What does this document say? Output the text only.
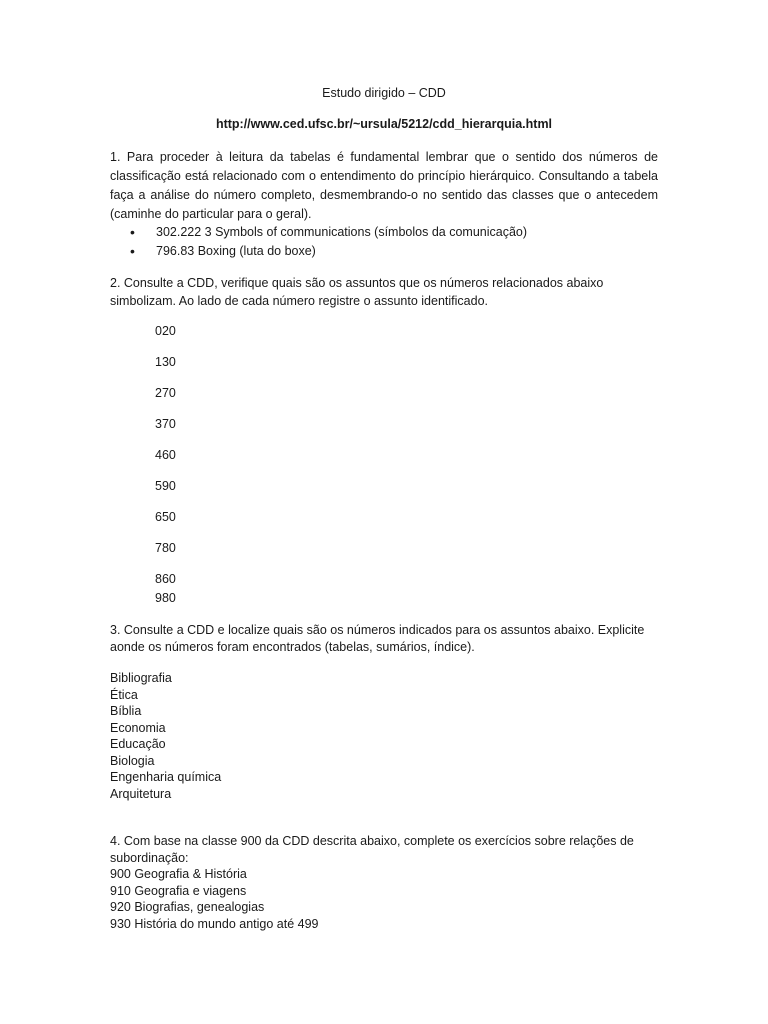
Estudo dirigido – CDD
http://www.ced.ufsc.br/~ursula/5212/cdd_hierarquia.html
1. Para proceder à leitura da tabelas é fundamental lembrar que o sentido dos números de classificação está relacionado com o entendimento do princípio hierárquico. Consultando a tabela faça a análise do número completo, desmembrando-o no sentido das classes que o antecedem (caminhe do particular para o geral).
• 302.222 3 Symbols of communications (símbolos da comunicação)
• 796.83 Boxing (luta do boxe)
2. Consulte a CDD, verifique quais são os assuntos que os números relacionados abaixo simbolizam. Ao lado de cada número registre o assunto identificado.
020
130
270
370
460
590
650
780
860
980
3. Consulte a CDD e localize quais são os números indicados para os assuntos abaixo. Explicite aonde os números foram encontrados (tabelas, sumários, índice).
Bibliografia
Ética
Bíblia
Economia
Educação
Biologia
Engenharia química
Arquitetura
4. Com base na classe 900 da CDD descrita abaixo, complete os exercícios sobre relações de subordinação:
900 Geografia & História
910 Geografia e viagens
920 Biografias, genealogias
930 História do mundo antigo até 499
